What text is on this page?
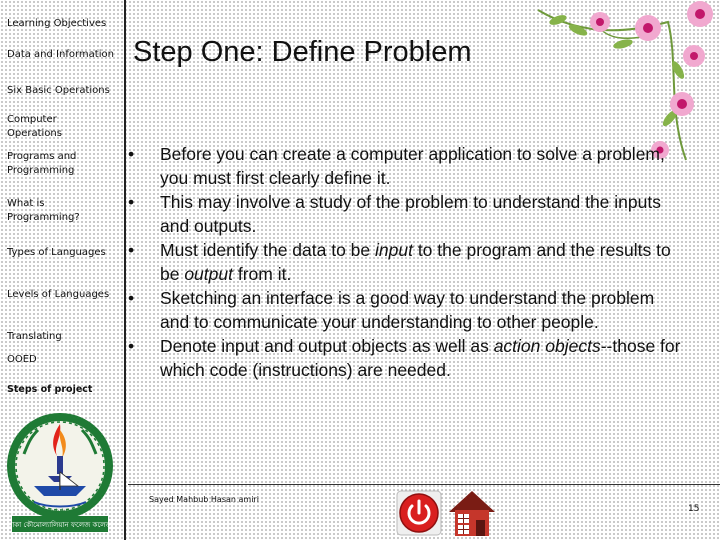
Learning Objectives
Data and Information
Six Basic Operations
Computer Operations
Programs and Programming
What is Programming?
Types of Languages
Levels of Languages
Translating
OOED
Steps of project
১৯৬০
ঢাকা কৌমোল্যালিয়ান ফলেজ কলেজ
Step One: Define Problem
• Before you can create a computer application to solve a problem, you must first clearly define it.
• This may involve a study of the problem to understand the inputs and outputs.
• Must identify the data to be input to the program and the results to be output from it.
• Sketching an interface is a good way to understand the problem and to communicate your understanding to other people.
• Denote input and output objects as well as action objects--those for which code (instructions) are needed.
Sayed Mahbub Hasan amiri
15
